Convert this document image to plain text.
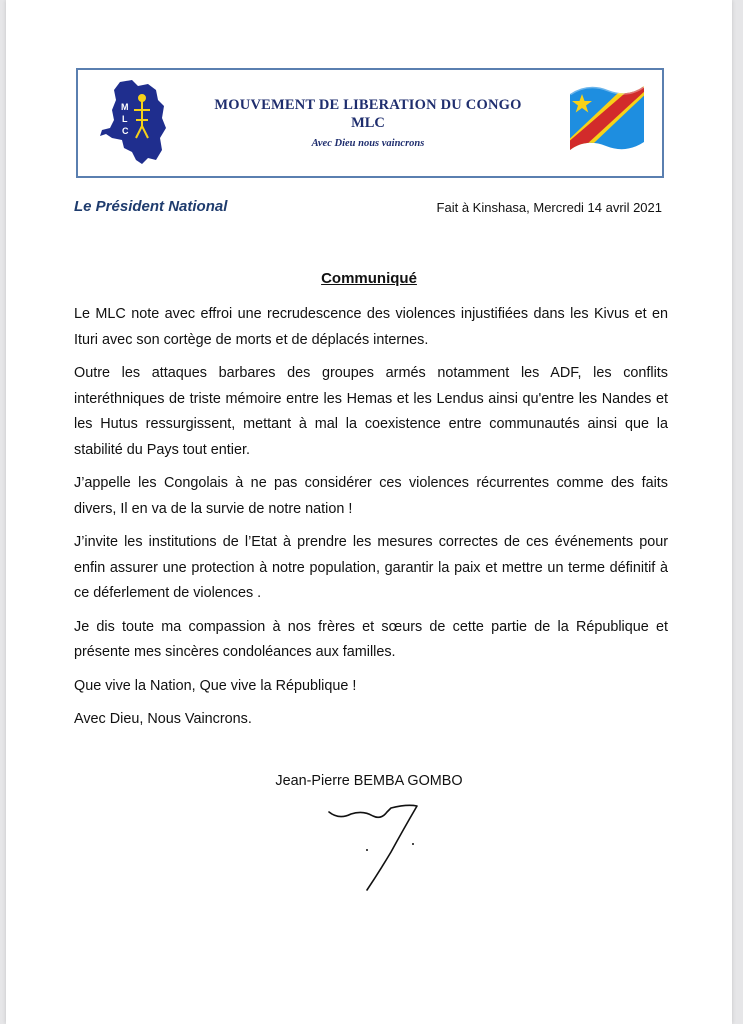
M
L
C
MOUVEMENT DE LIBERATION DU CONGO
MLC
Avec Dieu nous vaincrons
Le Président National	Fait à Kinshasa, Mercredi 14 avril 2021
Communiqué

Le MLC note avec effroi une recrudescence des violences injustifiées dans les Kivus et en Ituri avec son cortège de morts et de déplacés internes.

Outre les attaques barbares des groupes armés notamment les ADF, les conflits interéthniques de triste mémoire entre les Hemas et les Lendus ainsi qu'entre les Nandes et les Hutus ressurgissent, mettant à mal la coexistence entre communautés ainsi que la stabilité du Pays tout entier.

J’appelle les Congolais à ne pas considérer ces violences récurrentes comme des faits divers, Il en va de la survie de notre nation !

J’invite les institutions de l’Etat à prendre les mesures correctes de ces événements pour enfin assurer une protection à notre population, garantir la paix et mettre un terme définitif à ce déferlement de violences .

Je dis toute ma compassion à nos frères et sœurs de cette partie de la République et présente mes sincères condoléances aux familles.

Que vive la Nation, Que vive la République !

Avec Dieu, Nous Vaincrons.

Jean-Pierre BEMBA GOMBO
